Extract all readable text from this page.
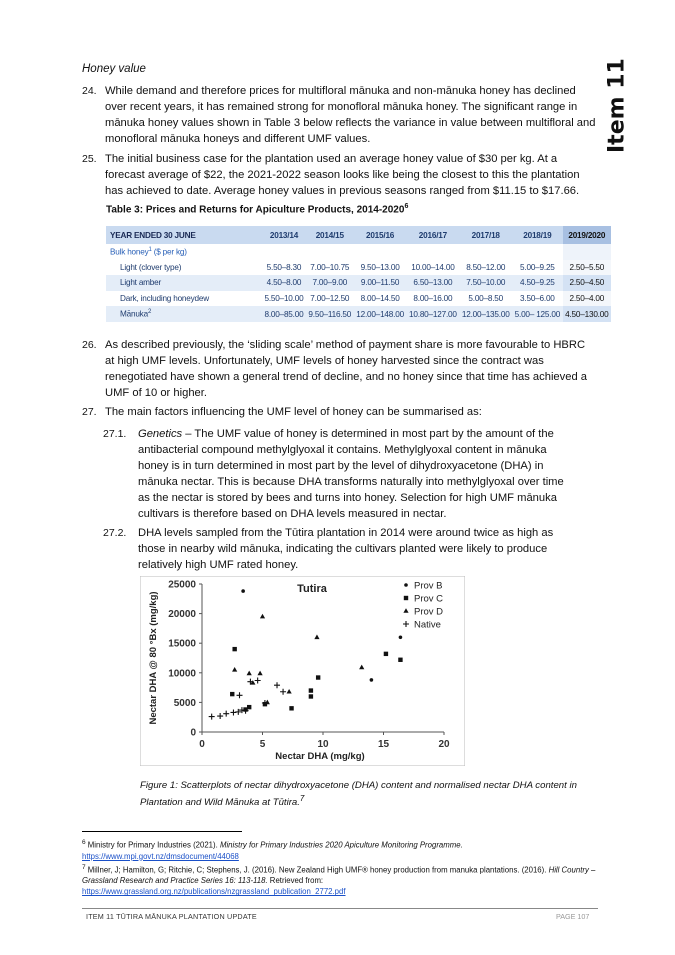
Item 11
Honey value
24. While demand and therefore prices for multifloral mānuka and non-mānuka honey has declined over recent years, it has remained strong for monofloral mānuka honey. The significant range in mānuka honey values shown in Table 3 below reflects the variance in value between multifloral and monofloral mānuka honeys and different UMF values.
25. The initial business case for the plantation used an average honey value of $30 per kg. At a forecast average of $22, the 2021-2022 season looks like being the closest to this the plantation has achieved to date. Average honey values in previous seasons ranged from $11.15 to $17.66.
Table 3: Prices and Returns for Apiculture Products, 2014-2020$^6$
YEAR ENDED 30 JUNE	2013/14	2014/15	2015/16	2016/17	2017/18	2018/19	2019/2020
Bulk honey$^1$ ($ per kg)							
Light (clover type)	5.50–8.30	7.00–10.75	9.50–13.00	10.00–14.00	8.50–12.00	5.00–9.25	2.50–5.50
Light amber	4.50–8.00	7.00–9.00	9.00–11.50	6.50–13.00	7.50–10.00	4.50–9.25	2.50–4.50
Dark, including honeydew	5.50–10.00	7.00–12.50	8.00–14.50	8.00–16.00	5.00–8.50	3.50–6.00	2.50–4.00
Mānuka$^2$	8.00–85.00	9.50–116.50	12.00–148.00	10.80–127.00	12.00–135.00	5.00– 125.00	4.50–130.00
26. As described previously, the ‘sliding scale’ method of payment share is more favourable to HBRC at high UMF levels. Unfortunately, UMF levels of honey harvested since the contract was renegotiated have shown a general trend of decline, and no honey since that time has achieved a UMF of 10 or higher.
27. The main factors influencing the UMF level of honey can be summarised as:
27.1. Genetics – The UMF value of honey is determined in most part by the amount of the antibacterial compound methylglyoxal it contains. Methylglyoxal content in mānuka honey is in turn determined in most part by the level of dihydroxyacetone (DHA) in mānuka nectar. This is because DHA transforms naturally into methylglyoxal over time as the nectar is stored by bees and turns into honey. Selection for high UMF mānuka cultivars is therefore based on DHA levels measured in nectar.
27.2. DHA levels sampled from the Tūtira plantation in 2014 were around twice as high as those in nearby wild mānuka, indicating the cultivars planted were likely to produce relatively high UMF rated honey.
0
5000
10000
15000
20000
25000
0	5	10	15	20
Tutira
Nectar DHA (mg/kg)
Nectar DHA @ 80 °Bx (mg/kg)
Prov B
Prov C
Prov D
Native
Figure 1: Scatterplots of nectar dihydroxyacetone (DHA) content and normalised nectar DHA content in Plantation and Wild Mānuka at Tūtira.$^7$
$^6$ Ministry for Primary Industries (2021). Ministry for Primary Industries 2020 Apiculture Monitoring Programme.
https://www.mpi.govt.nz/dmsdocument/44068
$^7$ Millner, J; Hamilton, G; Ritchie, C; Stephens, J. (2016). New Zealand High UMF® honey production from manuka plantations. (2016). Hill Country – Grassland Research and Practice Series 16: 113-118. Retrieved from:
https://www.grassland.org.nz/publications/nzgrassland_publication_2772.pdf
ITEM 11 TŪTIRA MĀNUKA PLANTATION UPDATE	PAGE 107
